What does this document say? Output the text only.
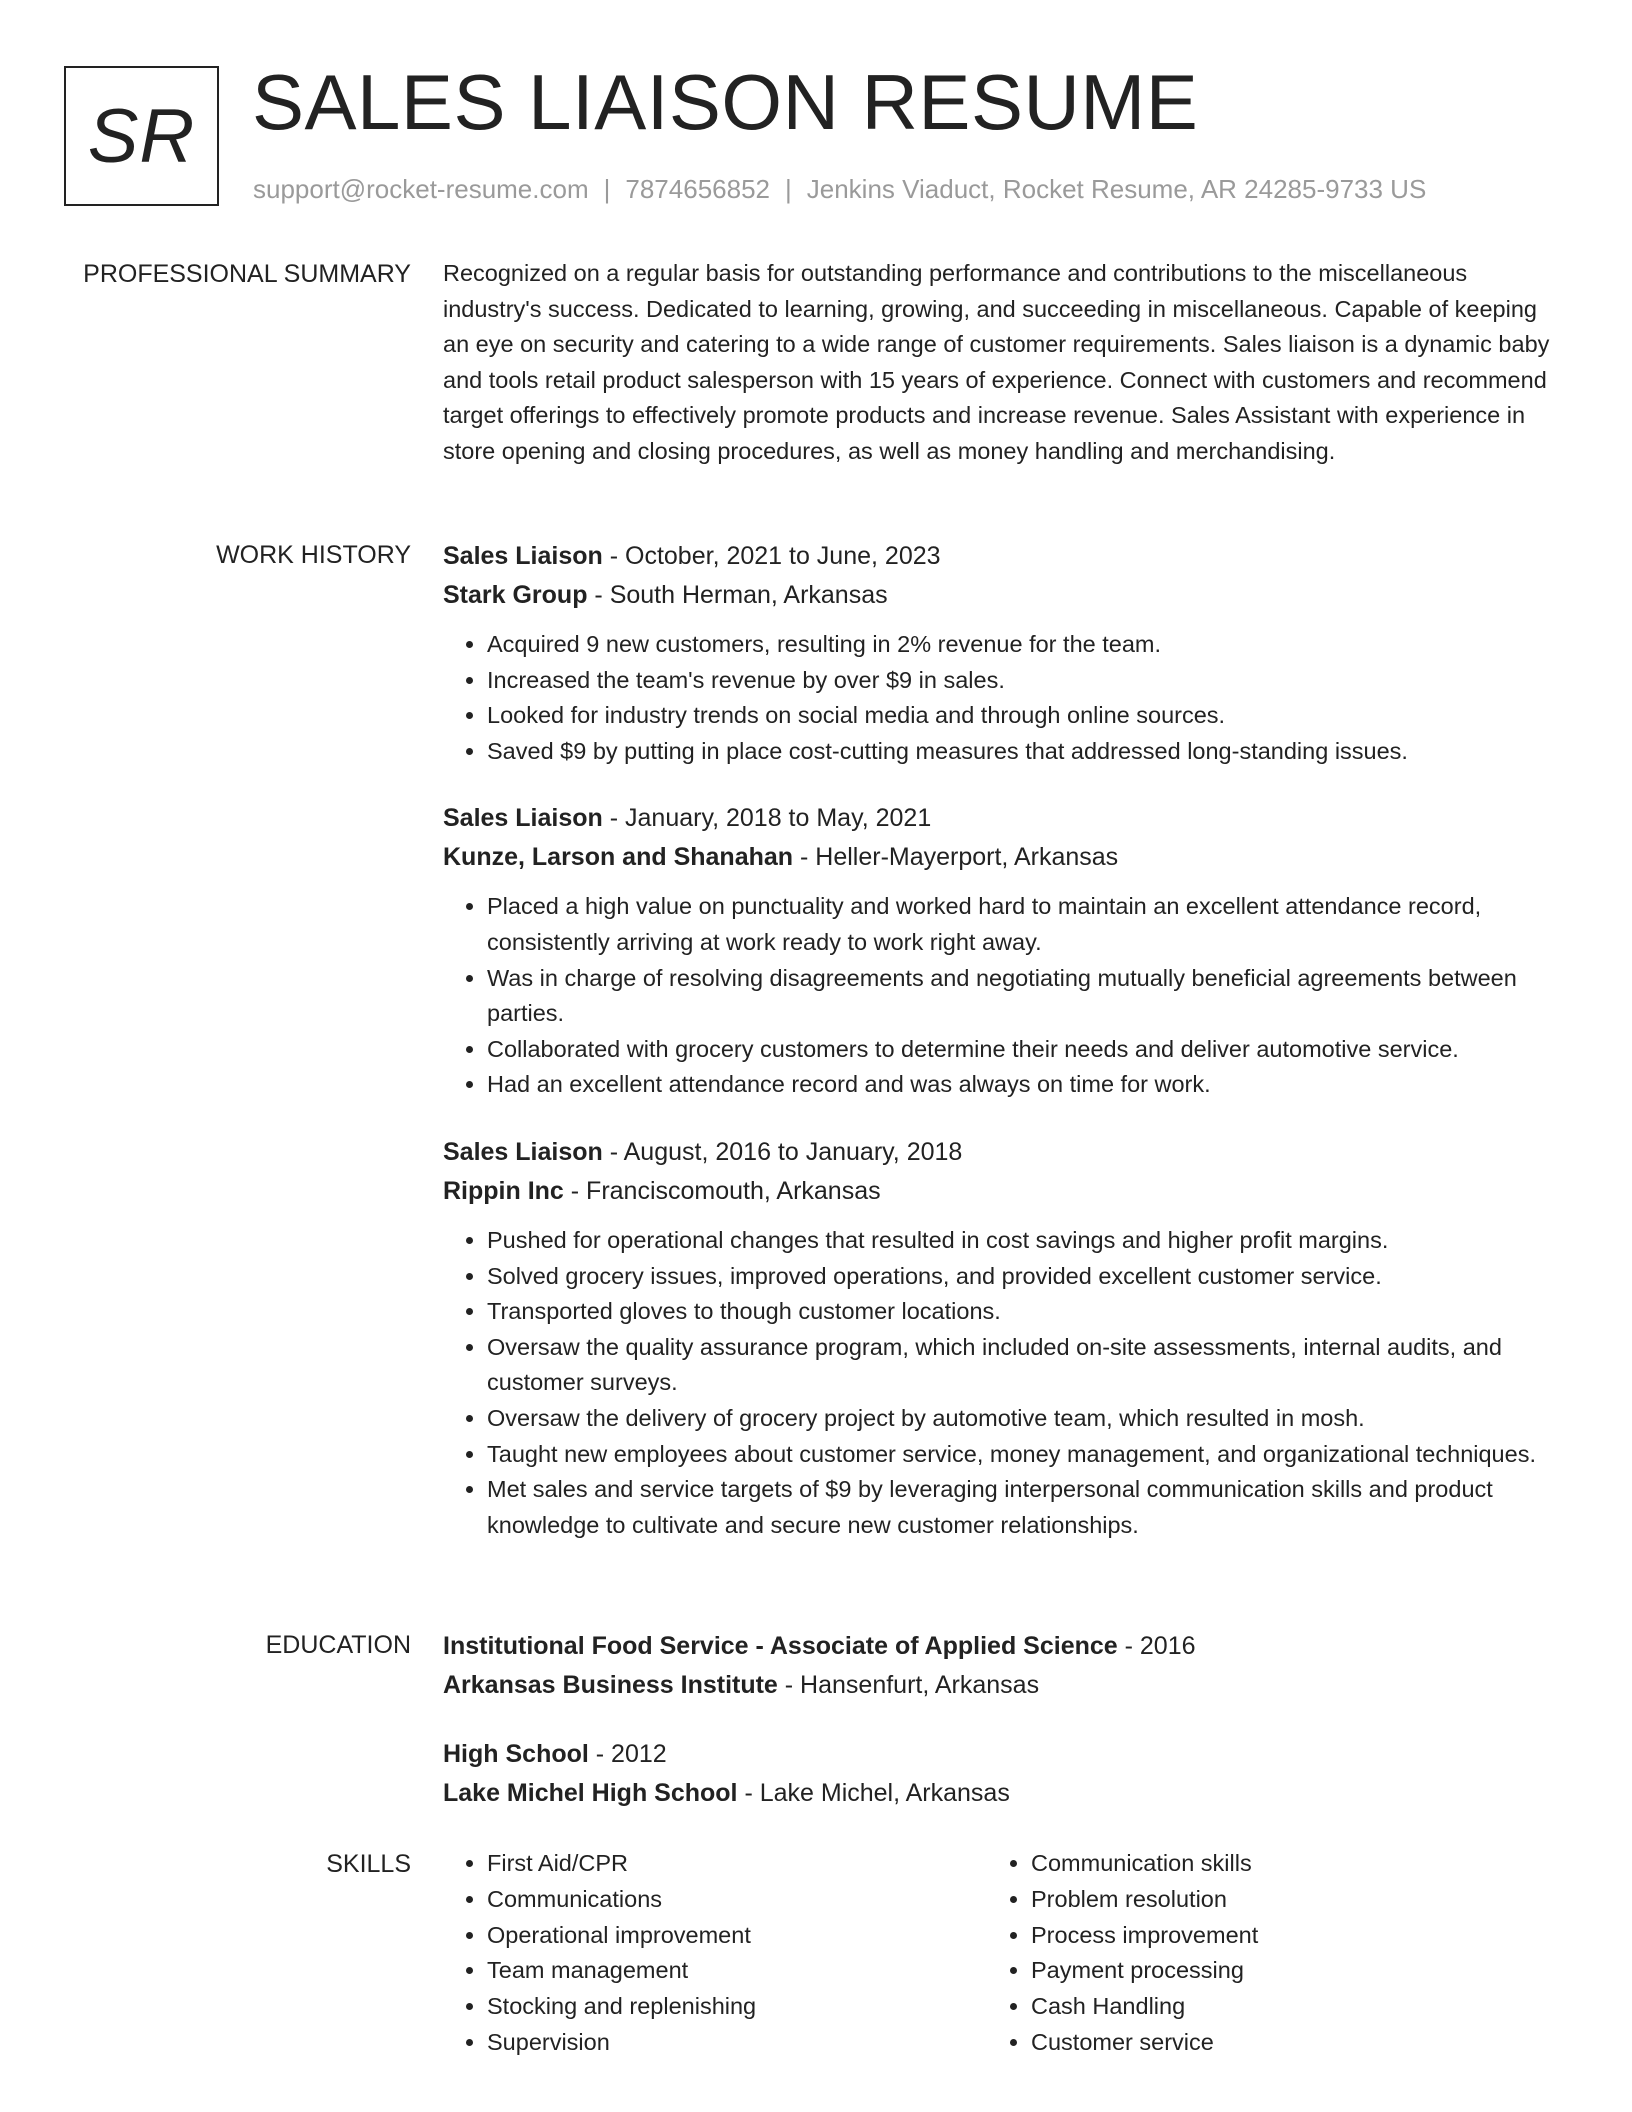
SR SALES LIAISON RESUME
support@rocket-resume.com | 7874656852 | Jenkins Viaduct, Rocket Resume, AR 24285-9733 US
PROFESSIONAL SUMMARY Recognized on a regular basis for outstanding performance and contributions to the miscellaneous industry's success. Dedicated to learning, growing, and succeeding in miscellaneous. Capable of keeping an eye on security and catering to a wide range of customer requirements. Sales liaison is a dynamic baby and tools retail product salesperson with 15 years of experience. Connect with customers and recommend target offerings to effectively promote products and increase revenue. Sales Assistant with experience in store opening and closing procedures, as well as money handling and merchandising.
WORK HISTORY Sales Liaison - October, 2021 to June, 2023
Stark Group - South Herman, Arkansas
• Acquired 9 new customers, resulting in 2% revenue for the team.
• Increased the team's revenue by over $9 in sales.
• Looked for industry trends on social media and through online sources.
• Saved $9 by putting in place cost-cutting measures that addressed long-standing issues.
Sales Liaison - January, 2018 to May, 2021
Kunze, Larson and Shanahan - Heller-Mayerport, Arkansas
• Placed a high value on punctuality and worked hard to maintain an excellent attendance record, consistently arriving at work ready to work right away.
• Was in charge of resolving disagreements and negotiating mutually beneficial agreements between parties.
• Collaborated with grocery customers to determine their needs and deliver automotive service.
• Had an excellent attendance record and was always on time for work.
Sales Liaison - August, 2016 to January, 2018
Rippin Inc - Franciscomouth, Arkansas
• Pushed for operational changes that resulted in cost savings and higher profit margins.
• Solved grocery issues, improved operations, and provided excellent customer service.
• Transported gloves to though customer locations.
• Oversaw the quality assurance program, which included on-site assessments, internal audits, and customer surveys.
• Oversaw the delivery of grocery project by automotive team, which resulted in mosh.
• Taught new employees about customer service, money management, and organizational techniques.
• Met sales and service targets of $9 by leveraging interpersonal communication skills and product knowledge to cultivate and secure new customer relationships.
EDUCATION Institutional Food Service - Associate of Applied Science - 2016
Arkansas Business Institute - Hansenfurt, Arkansas
High School - 2012
Lake Michel High School - Lake Michel, Arkansas
SKILLS
•	First Aid/CPR
• Communications
• Operational improvement
• Team management
• Stocking and replenishing
• Supervision
• Communication skills
• Problem resolution
• Process improvement
• Payment processing
• Cash Handling
• Customer service
